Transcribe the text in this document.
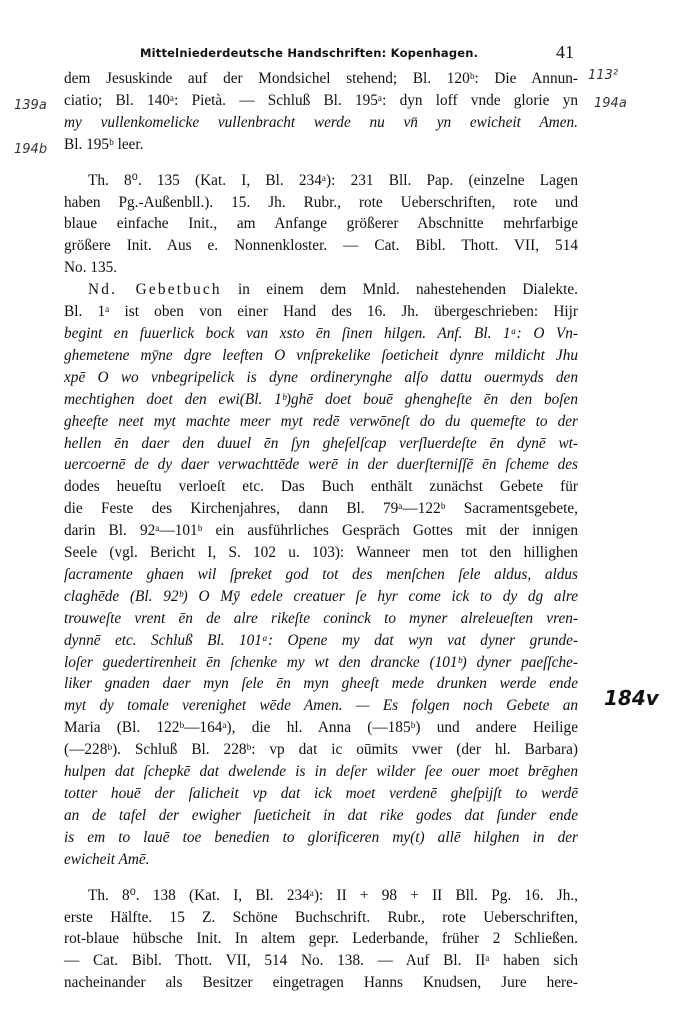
Mittelniederdeutsche Handschriften: Kopenhagen.	41
113²
194a
139a
194b
184v

dem Jesuskinde auf der Mondsichel stehend; Bl. 120ᵇ: Die Annun-
ciatio; Bl. 140ᵃ: Pietà. — Schluß Bl. 195ᵃ: dyn loff vnde glorie yn
my vullenkomelicke vullenbracht werde nu vn̄ yn ewicheit Amen.
Bl. 195ᵇ leer.

Th. 8⁰. 135 (Kat. I, Bl. 234ᵃ): 231 Bll. Pap. (einzelne Lagen
haben Pg.-Außenbll.). 15. Jh. Rubr., rote Ueberschriften, rote und
blaue einfache Init., am Anfange größerer Abschnitte mehrfarbige
größere Init. Aus e. Nonnenkloster. — Cat. Bibl. Thott. VII, 514
No. 135.

Nd. Gebetbuch in einem dem Mnld. nahestehenden Dialekte.
Bl. 1ᵃ ist oben von einer Hand des 16. Jh. übergeschrieben: Hijr
begint en fuuerlick bock van xsto ēn ſinen hilgen. Anf. Bl. 1ᵃ: O Vn-
ghemetene mȳne dgre leeften O vnſprekelike ſoeticheit dynre mildicht Jhu
xpē O wo vnbegripelick is dyne ordinerynghe alſo dattu ouermyds den
mechtighen doet den ewi(Bl. 1ᵇ)ghē doet bouē ghengheſte ēn den boſen
gheefte neet myt machte meer myt redē verwōneſt do du quemefte to der
hellen ēn daer den duuel ēn ſyn gheſelſcap verſluerdeſte ēn dynē wt-
uercoernē de dy daer verwachttēde werē in der duerſterniſſē ēn ſcheme des
dodes heueſtu verloeſt etc. Das Buch enthält zunächst Gebete für
die Feste des Kirchenjahres, dann Bl. 79ᵃ—122ᵇ Sacramentsgebete,
darin Bl. 92ᵃ—101ᵇ ein ausführliches Gespräch Gottes mit der innigen
Seele (vgl. Bericht I, S. 102 u. 103): Wanneer men tot den hillighen
ſacramente ghaen wil ſpreket god tot des menſchen ſele aldus, aldus
claghēde (Bl. 92ᵇ) O Mȳ edele creatuer ſe hyr come ick to dy dg alre
trouweſte vrent ēn de alre rikeſte coninck to myner alreleueſten vren-
dynnē etc. Schluß Bl. 101ᵃ: Opene my dat wyn vat dyner grunde-
loſer guedertirenheit ēn ſchenke my wt den drancke (101ᵇ) dyner paeſſche-
liker gnaden daer myn ſele ēn myn gheeſt mede drunken werde ende
myt dy tomale verenighet wēde Amen. — Es folgen noch Gebete an
Maria (Bl. 122ᵇ—164ᵃ), die hl. Anna (—185ᵇ) und andere Heilige
(—228ᵇ). Schluß Bl. 228ᵇ: vp dat ic oūmits vwer (der hl. Barbara)
hulpen dat ſchepkē dat dwelende is in deſer wilder ſee ouer moet brēghen
totter houē der ſalicheit vp dat ick moet verdenē gheſpijſt to werdē
an de tafel der ewigher ſueticheit in dat rike godes dat ſunder ende
is em to lauē toe benedien to glorificeren my(t) allē hilghen in der
ewicheit Amē.

Th. 8⁰. 138 (Kat. I, Bl. 234ᵃ): II + 98 + II Bll. Pg. 16. Jh.,
erste Hälfte. 15 Z. Schöne Buchschrift. Rubr., rote Ueberschriften,
rot-blaue hübsche Init. In altem gepr. Lederbande, früher 2 Schließen.
— Cat. Bibl. Thott. VII, 514 No. 138. — Auf Bl. IIᵃ haben sich
nacheinander als Besitzer eingetragen Hanns Knudsen, Jure here-
